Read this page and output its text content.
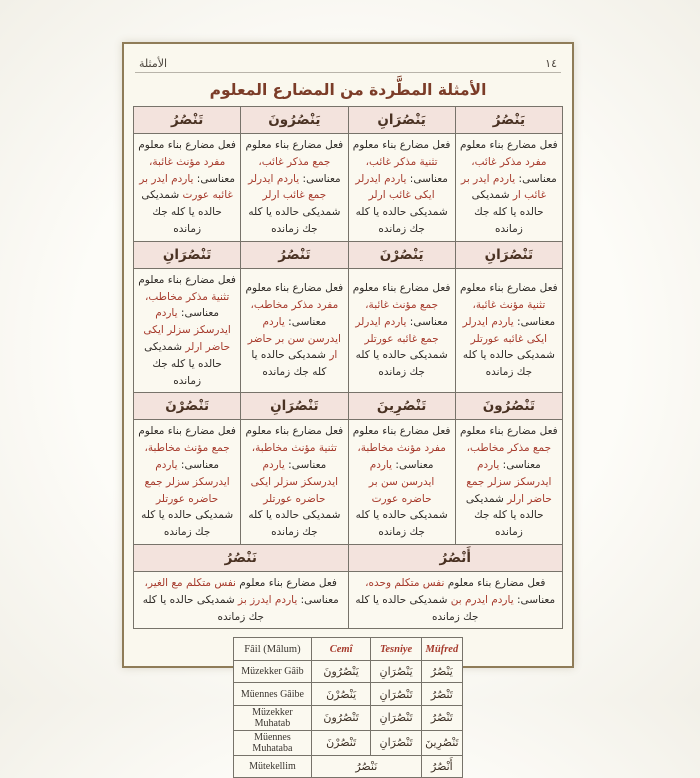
١٤
الأمثلة
الأمثلة المطَّردة من المضارع المعلوم
يَنْصُرُ	يَنْصُرَانِ	يَنْصُرُونَ	تَنْصُرُ
فعل مضارع بناء معلوم مفرد مذكر غائب، معناسى: ياردم ايدر بر غائب ار شمديكى حالده يا كله جك زمانده	فعل مضارع بناء معلوم تثنية مذكر غائب، معناسى: ياردم ايدرلر ايكى غائب ارلر شمديكى حالده يا كله جك زمانده	فعل مضارع بناء معلوم جمع مذكر غائب، معناسى: ياردم ايدرلر جمع غائب ارلر شمديكى حالده يا كله جك زمانده	فعل مضارع بناء معلوم مفرد مؤنث غائبة، معناسى: ياردم ايدر بر غائبه عورت شمديكى حالده يا كله جك زمانده
تَنْصُرَانِ	يَنْصُرْنَ	تَنْصُرُ	تَنْصُرَانِ
فعل مضارع بناء معلوم تثنية مؤنث غائبة، معناسى: ياردم ايدرلر ايكى غائبه عورتلر شمديكى حالده يا كله جك زمانده	فعل مضارع بناء معلوم جمع مؤنث غائبة، معناسى: ياردم ايدرلر جمع غائبه عورتلر شمديكى حالده يا كله جك زمانده	فعل مضارع بناء معلوم مفرد مذكر مخاطب، معناسى: ياردم ايدرسن سن بر حاضر ار شمديكى حالده يا كله جك زمانده	فعل مضارع بناء معلوم تثنية مذكر مخاطب، معناسى: ياردم ايدرسكز سزلر ايكى حاضر ارلر شمديكى حالده يا كله جك زمانده
تَنْصُرُونَ	تَنْصُرِينَ	تَنْصُرَانِ	تَنْصُرْنَ
فعل مضارع بناء معلوم جمع مذكر مخاطب، معناسى: ياردم ايدرسكز سزلر جمع حاضر ارلر شمديكى حالده يا كله جك زمانده	فعل مضارع بناء معلوم مفرد مؤنث مخاطبة، معناسى: ياردم ايدرسن سن بر حاضره عورت شمديكى حالده يا كله جك زمانده	فعل مضارع بناء معلوم تثنية مؤنث مخاطبة، معناسى: ياردم ايدرسكز سزلر ايكى حاضره عورتلر شمديكى حالده يا كله جك زمانده	فعل مضارع بناء معلوم جمع مؤنث مخاطبة، معناسى: ياردم ايدرسكز سزلر جمع حاضره عورتلر شمديكى حالده يا كله جك زمانده
أَنْصُرُ		نَنْصُرُ	
فعل مضارع بناء معلوم نفس متكلم وحده، معناسى: ياردم ايدرم بن شمديكى حالده يا كله جك زمانده		فعل مضارع بناء معلوم نفس متكلم مع الغير، معناسى: ياردم ايدرز بز شمديكى حالده يا كله جك زمانده	
Fâil (Mâlum)	Cemî	Tesniye	Müfred
Müzekker Gâib	يَنْصُرُونَ	يَنْصُرَانِ	يَنْصُرُ
Müennes Gâibe	يَنْصُرْنَ	تَنْصُرَانِ	تَنْصُرُ
Müzekker Muhatab	تَنْصُرُونَ	تَنْصُرَانِ	تَنْصُرُ
Müennes Muhataba	تَنْصُرْنَ	تَنْصُرَانِ	تَنْصُرِينَ
Mütekellim	نَنْصُرُ		أَنْصُرُ
